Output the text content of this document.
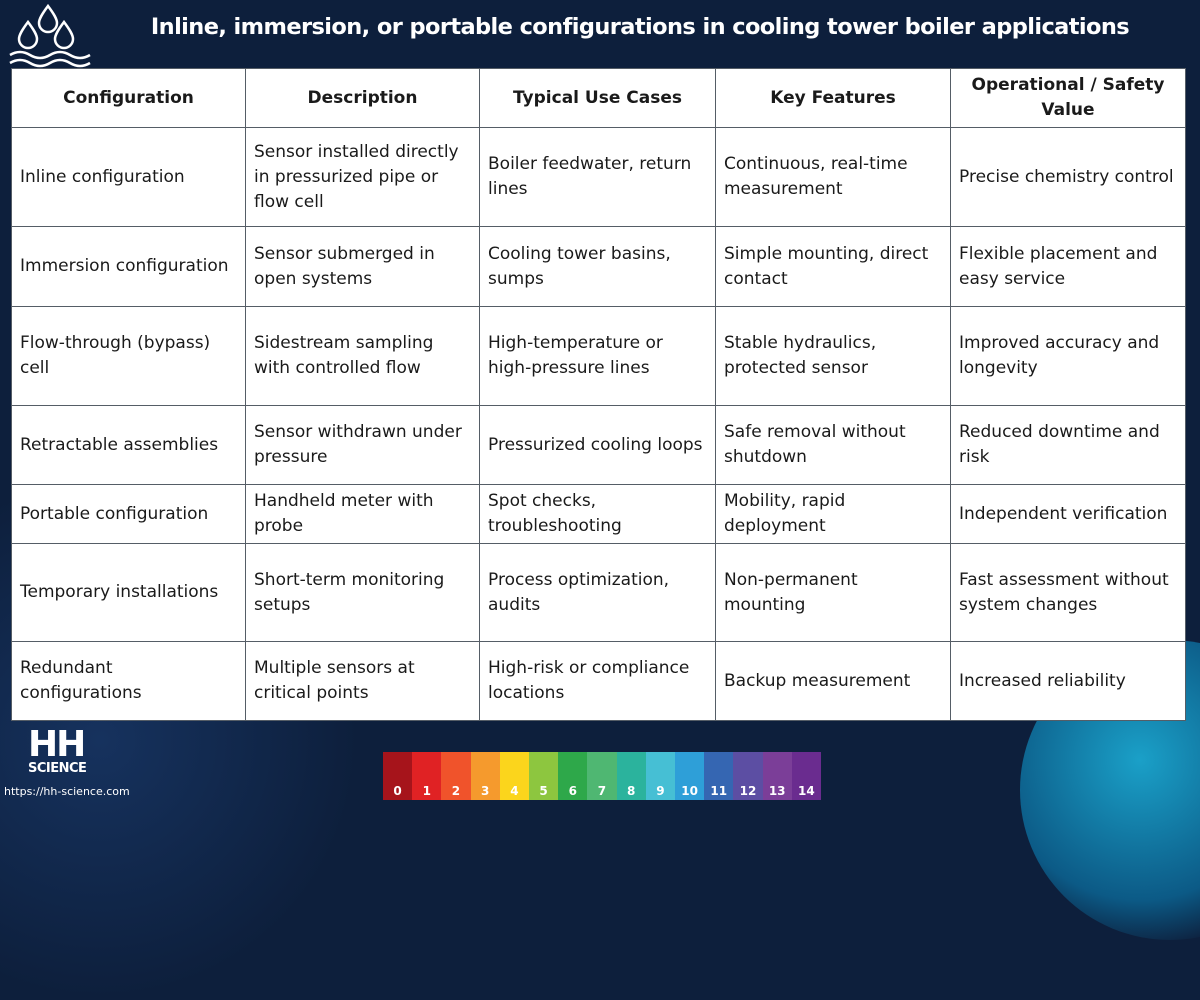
Inline, immersion, or portable configurations in cooling tower boiler applications
Configuration	Description	Typical Use Cases	Key Features	Operational / Safety Value
Inline configuration	Sensor installed directly in pressurized pipe or flow cell	Boiler feedwater, return lines	Continuous, real-time measurement	Precise chemistry control
Immersion configuration	Sensor submerged in open systems	Cooling tower basins, sumps	Simple mounting, direct contact	Flexible placement and easy service
Flow-through (bypass) cell	Sidestream sampling with controlled flow	High-temperature or high-pressure lines	Stable hydraulics, protected sensor	Improved accuracy and longevity
Retractable assemblies	Sensor withdrawn under pressure	Pressurized cooling loops	Safe removal without shutdown	Reduced downtime and risk
Portable configuration	Handheld meter with probe	Spot checks, troubleshooting	Mobility, rapid deployment	Independent verification
Temporary installations	Short-term monitoring setups	Process optimization, audits	Non-permanent mounting	Fast assessment without system changes
Redundant configurations	Multiple sensors at critical points	High-risk or compliance locations	Backup measurement	Increased reliability
HH
SCIENCE
https://hh-science.com	0	1	2	3	4	5	6	7	8	9	10	11	12	13	14
